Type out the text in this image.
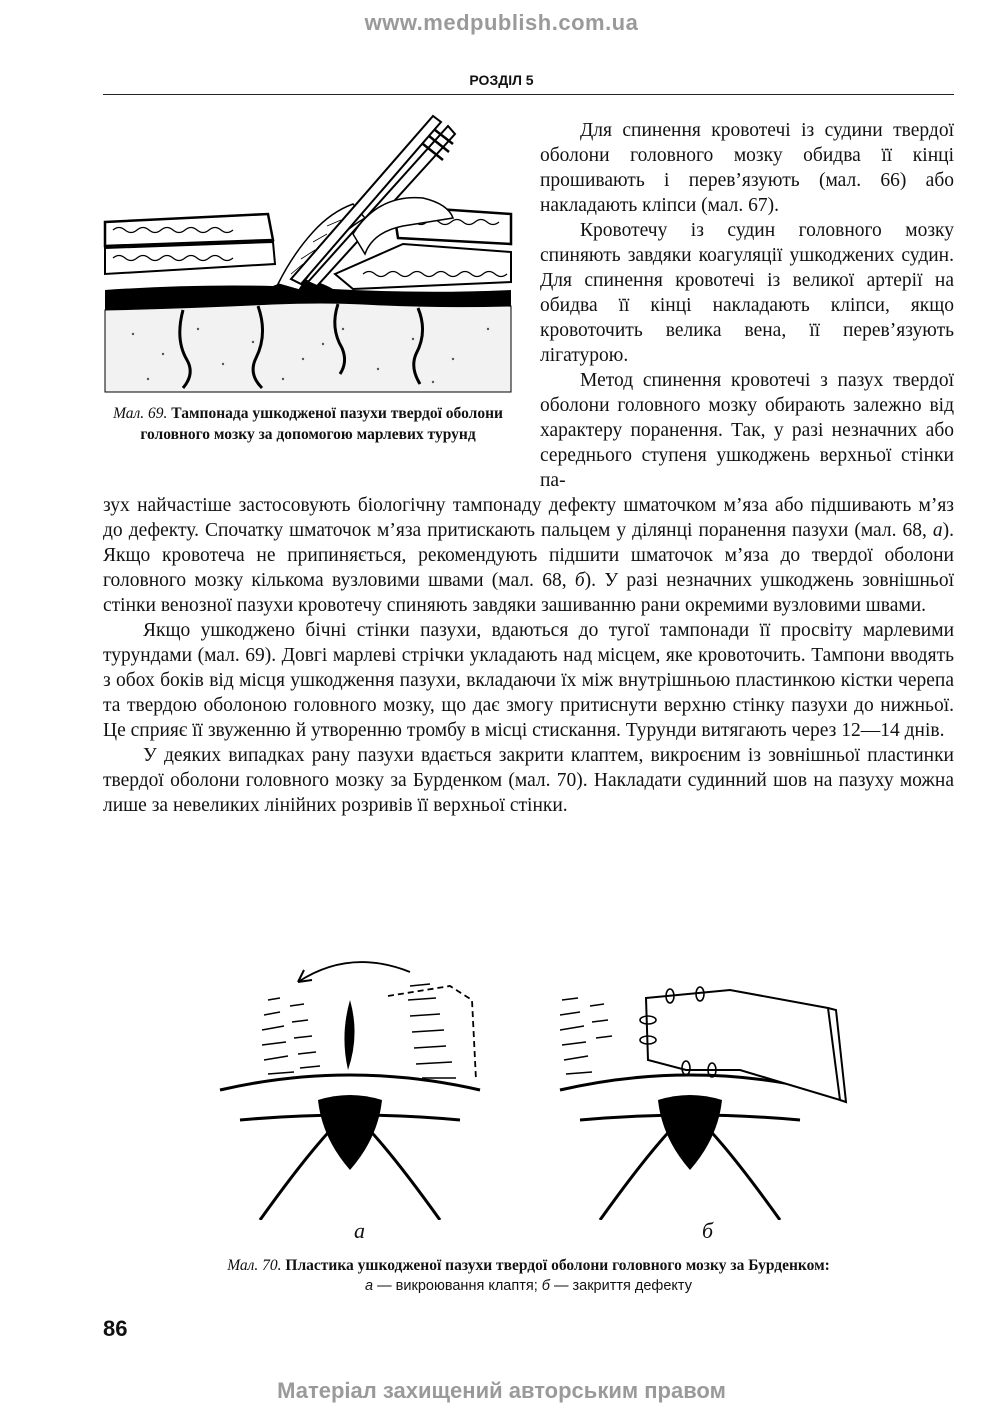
www.medpublish.com.ua
РОЗДІЛ 5
Мал. 69. Тампонада ушкодженої пазухи твердої оболони головного мозку за допомогою марлевих турунд

Для спинення кровотечі із судини твердої оболони головного мозку обидва її кінці прошивають і перев’язують (мал. 66) або накладають кліпси (мал. 67).

Кровотечу із судин головного мозку спиняють завдяки коагуляції ушкоджених судин. Для спинення кровотечі із великої артерії на обидва її кінці накладають кліпси, якщо кровоточить велика вена, її перев’язують лігатурою.

Метод спинення кровотечі з пазух твердої оболони головного мозку обирають залежно від характеру поранення. Так, у разі незначних або середнього ступеня ушкоджень верхньої стінки па-

зух найчастіше застосовують біологічну тампонаду дефекту шматочком м’яза або підшивають м’яз до дефекту. Спочатку шматочок м’яза притискають пальцем у ділянці поранення пазухи (мал. 68, а). Якщо кровотеча не припиняється, рекомендують підшити шматочок м’яза до твердої оболони головного мозку кількома вузловими швами (мал. 68, б). У разі незначних ушкоджень зовнішньої стінки венозної пазухи кровотечу спиняють завдяки зашиванню рани окремими вузловими швами.

Якщо ушкоджено бічні стінки пазухи, вдаються до тугої тампонади її просвіту марлевими турундами (мал. 69). Довгі марлеві стрічки укладають над місцем, яке кровоточить. Тампони вводять з обох боків від місця ушкодження пазухи, вкладаючи їх між внутрішньою пластинкою кістки черепа та твердою оболоною головного мозку, що дає змогу притиснути верхню стінку пазухи до нижньої. Це сприяє її звуженню й утворенню тромбу в місці стискання. Турунди витягають через 12—14 днів.

У деяких випадках рану пазухи вдається закрити клаптем, викроєним із зовнішньої пластинки твердої оболони головного мозку за Бурденком (мал. 70). Накладати судинний шов на пазуху можна лише за невеликих лінійних розривів її верхньої стінки.

а	б
Мал. 70. Пластика ушкодженої пазухи твердої оболони головного мозку за Бурденком:
а — викроювання клаптя; б — закриття дефекту
86
Матеріал захищений авторським правом
